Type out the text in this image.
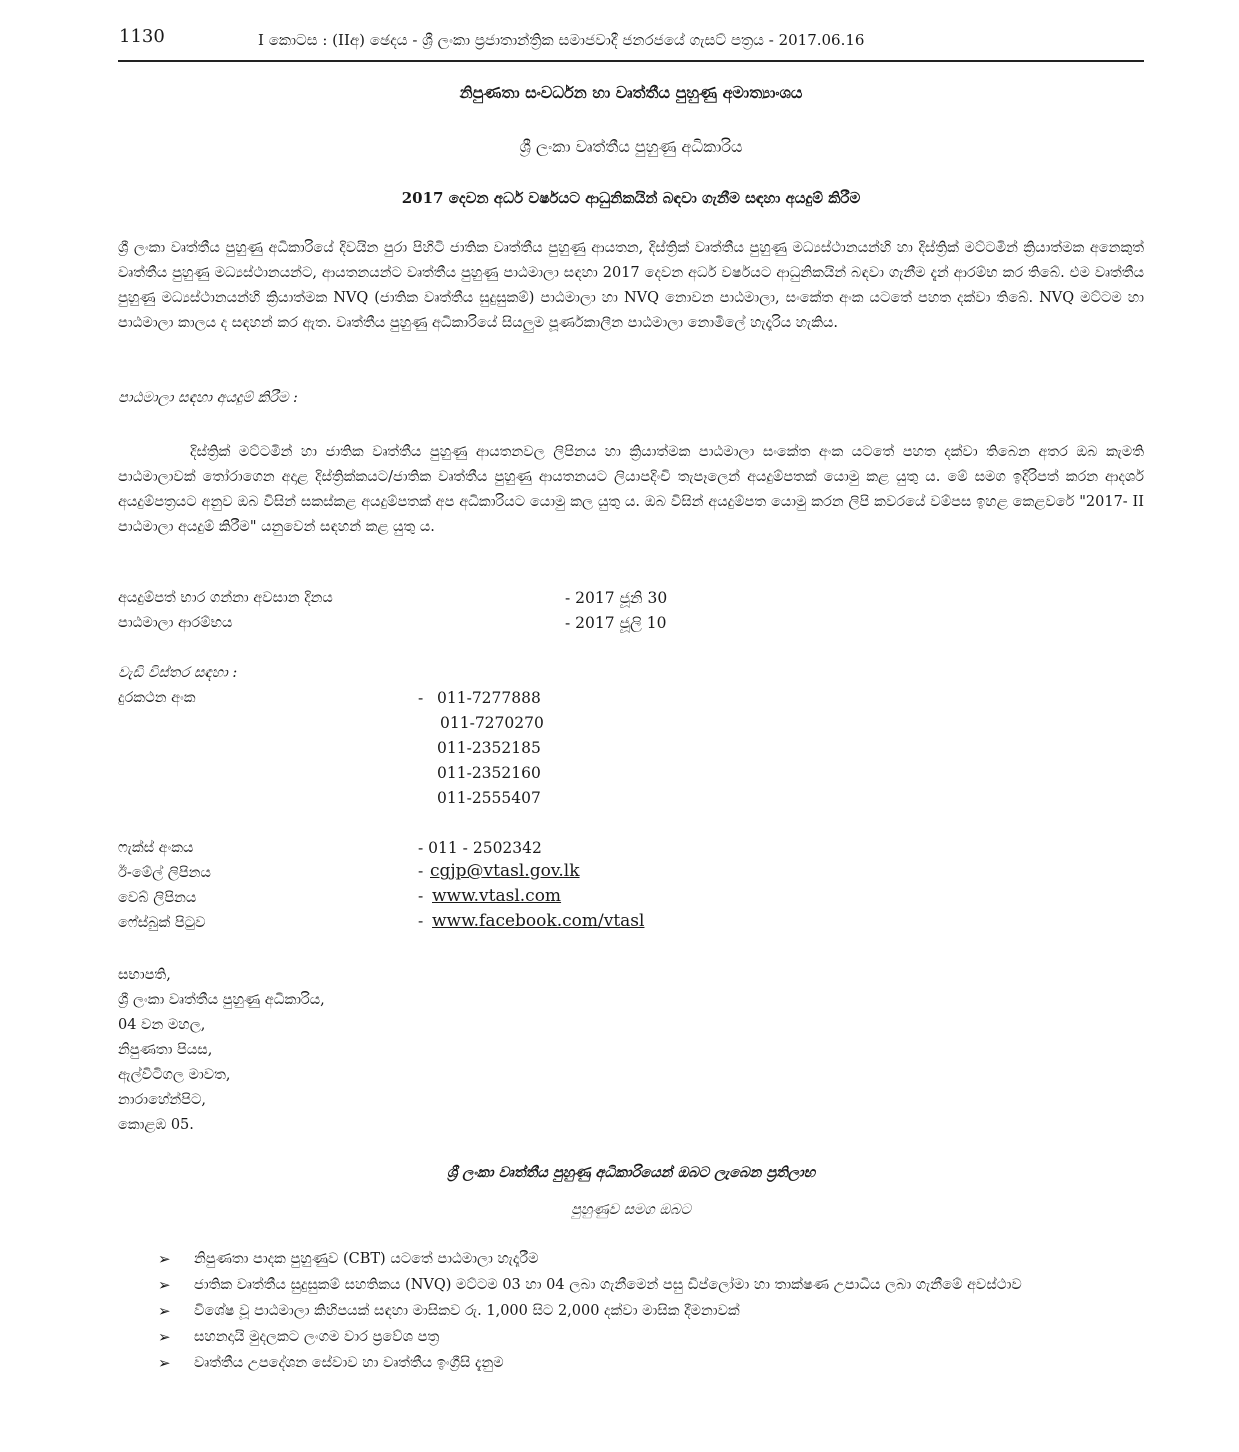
1130	I කොටස : (IIඅ) ඡෙදය - ශ්‍රී ලංකා ප්‍රජාතාන්ත්‍රික සමාජවාදී ජනරජයේ ගැසට් පත්‍රය - 2017.06.16
නිපුණතා සංවර්ධන හා වෘත්තීය පුහුණු අමාත්‍යාංශය
ශ්‍රී ලංකා වෘත්තීය පුහුණු අධිකාරිය
2017 දෙවන අර්ධ වර්ෂයට ආධුනිකයින් බඳවා ගැනීම සඳහා අයදුම් කිරීම
ශ්‍රී ලංකා වෘත්තීය පුහුණු අධිකාරියේ දිවයින පුරා පිහිටි ජාතික වෘත්තීය පුහුණු ආයතන, දිස්ත්‍රික් වෘත්තීය පුහුණු මධ්‍යස්ථානයන්හි හා දිස්ත්‍රික් මට්ටමින් ක්‍රියාත්මක අනෙකුත් වෘත්තීය පුහුණු මධ්‍යස්ථානයන්ට, ආයතනයන්ට වෘත්තීය පුහුණු පාඨමාලා සඳහා 2017 දෙවන අර්ධ වර්ෂයට ආධුනිකයින් බඳවා ගැනීම දැන් ආරම්භ කර තිබේ. එම වෘත්තීය පුහුණු මධ්‍යස්ථානයන්හි ක්‍රියාත්මක NVQ (ජාතික වෘත්තීය සුදුසුකම්) පාඨමාලා හා NVQ නොවන පාඨමාලා, සංකේත අංක යටතේ පහත දක්වා තිබේ. NVQ මට්ටම හා පාඨමාලා කාලය ද සඳහන් කර ඇත. වෘත්තීය පුහුණු අධිකාරියේ සියලුම පූර්ණකාලීන පාඨමාලා නොමිලේ හැදෑරිය හැකිය.
පාඨමාලා සඳහා අයදුම් කිරීම :
දිස්ත්‍රික් මට්ටමින් හා ජාතික වෘත්තීය පුහුණු ආයතනවල ලිපිනය හා ක්‍රියාත්මක පාඨමාලා සංකේත අංක යටතේ පහත දක්වා තිබෙන අතර ඔබ කැමති පාඨමාලාවක් තෝරාගෙන අදාළ දිස්ත්‍රික්කයට/ජාතික වෘත්තීය පුහුණු ආයතනයට ලියාපදිංචි තැපෑලෙන් අයදුම්පතක් යොමු කළ යුතු ය. මේ සමග ඉදිරිපත් කරන ආදර්ශ අයදුම්පත්‍රයට අනුව ඔබ විසින් සකස්කළ අයදුම්පතක් අප අධිකාරියට යොමු කල යුතු ය. ඔබ විසින් අයදුම්පත යොමු කරන ලිපි කවරයේ වම්පස ඉහළ කෙළවරේ "2017- II පාඨමාලා අයදුම් කිරීම" යනුවෙන් සඳහන් කළ යුතු ය.
අයදුම්පත් භාර ගන්නා අවසාන දිනය	- 2017 ජූනි 30
පාඨමාලා ආරම්භය	- 2017 ජූලි 10
වැඩි විස්තර සඳහා :
දුරකථන අංක	- 011-7277888
011-7270270
011-2352185
011-2352160
011-2555407
ෆැක්ස් අංකය	- 011 - 2502342
ඊ-මේල් ලිපිනය	- cgjp@vtasl.gov.lk
වෙබ් ලිපිනය	- www.vtasl.com
ෆේස්බුක් පිටුව	- www.facebook.com/vtasl
සභාපති,
ශ්‍රී ලංකා වෘත්තීය පුහුණු අධිකාරිය,
04 වන මහල,
නිපුණතා පියස,
ඇල්විටිගල මාවත,
නාරාහේන්පිට,
කොළඹ 05.
ශ්‍රී ලංකා වෘත්තීය පුහුණු අධිකාරියෙන් ඔබට ලැබෙන ප්‍රතිලාභ
පුහුණුව සමග ඔබට
➢ නිපුණතා පාදක පුහුණුව (CBT) යටතේ පාඨමාලා හැදෑරීම
➢ ජාතික වෘත්තීය සුදුසුකම් සහතිකය (NVQ) මට්ටම 03 හා 04 ලබා ගැනීමෙන් පසු ඩිප්ලෝමා හා තාක්ෂණ උපාධිය ලබා ගැනීමේ අවස්ථාව
➢ විශේෂ වූ පාඨමාලා කිහිපයක් සඳහා මාසිකව රු. 1,000 සිට 2,000 දක්වා මාසික දීමනාවක්
➢ සහනදායි මුදලකට ලංගම වාර ප්‍රවේශ පත්‍ර
➢ වෘත්තීය උපදේශන සේවාව හා වෘත්තීය ඉංග්‍රීසි දැනුම
